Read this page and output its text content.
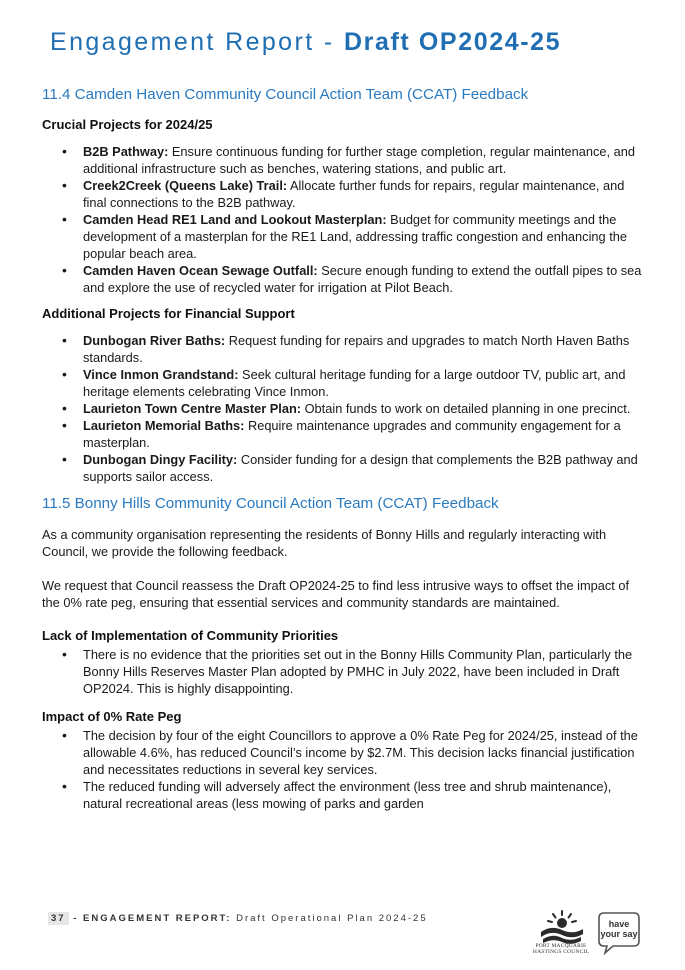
Engagement Report - Draft OP2024-25
11.4 Camden Haven Community Council Action Team (CCAT) Feedback
Crucial Projects for 2024/25
• B2B Pathway: Ensure continuous funding for further stage completion, regular maintenance, and additional infrastructure such as benches, watering stations, and public art.
• Creek2Creek (Queens Lake) Trail: Allocate further funds for repairs, regular maintenance, and final connections to the B2B pathway.
• Camden Head RE1 Land and Lookout Masterplan: Budget for community meetings and the development of a masterplan for the RE1 Land, addressing traffic congestion and enhancing the popular beach area.
• Camden Haven Ocean Sewage Outfall: Secure enough funding to extend the outfall pipes to sea and explore the use of recycled water for irrigation at Pilot Beach.
Additional Projects for Financial Support
• Dunbogan River Baths: Request funding for repairs and upgrades to match North Haven Baths standards.
• Vince Inmon Grandstand: Seek cultural heritage funding for a large outdoor TV, public art, and heritage elements celebrating Vince Inmon.
• Laurieton Town Centre Master Plan: Obtain funds to work on detailed planning in one precinct.
• Laurieton Memorial Baths: Require maintenance upgrades and community engagement for a masterplan.
• Dunbogan Dingy Facility: Consider funding for a design that complements the B2B pathway and supports sailor access.
11.5 Bonny Hills Community Council Action Team (CCAT) Feedback

As a community organisation representing the residents of Bonny Hills and regularly interacting with Council, we provide the following feedback.

We request that Council reassess the Draft OP2024-25 to find less intrusive ways to offset the impact of the 0% rate peg, ensuring that essential services and community standards are maintained.

Lack of Implementation of Community Priorities
• There is no evidence that the priorities set out in the Bonny Hills Community Plan, particularly the Bonny Hills Reserves Master Plan adopted by PMHC in July 2022, have been included in Draft OP2024. This is highly disappointing.
Impact of 0% Rate Peg
• The decision by four of the eight Councillors to approve a 0% Rate Peg for 2024/25, instead of the allowable 4.6%, has reduced Council’s income by $2.7M. This decision lacks financial justification and necessitates reductions in several key services.
• The reduced funding will adversely affect the environment (less tree and shrub maintenance), natural recreational areas (less mowing of parks and garden
37 - ENGAGEMENT REPORT: Draft Operational Plan 2024-25
PORT MACQUARIE
HASTINGS COUNCIL
have
your say
